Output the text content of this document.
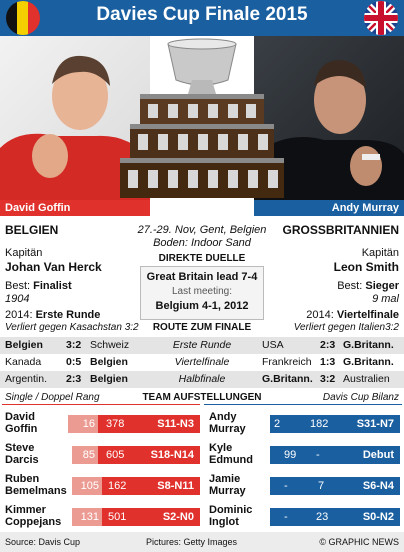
Davies Cup Finale 2015
David Goffin	Andy Murray
BELGIEN
Kapitän
Johan Van Herck
Best: Finalist
1904
2014: Erste Runde
Verliert gegen Kasachstan 3:2
GROSSBRITANNIEN
Kapitän
Leon Smith
Best: Sieger
9 mal
2014: Viertelfinale
Verliert gegen Italien3:2
27.-29. Nov, Gent, Belgien
Boden: Indoor Sand
DIREKTE DUELLE
Great Britain lead 7-4
Last meeting:
Belgium 4-1, 2012
ROUTE ZUM FINALE
Belgien 3:2 Schweiz	Erste Runde	USA	2:3 G.Britann.
Kanada 0:5 Belgien	Viertelfinale	Frankreich 1:3 G.Britann.
Argentin. 2:3 Belgien	Halbfinale	G.Britann. 3:2 Australien
Single / Doppel Rang	TEAM AUFSTELLUNGEN	Davis Cup Bilanz
David
Goffin	16 378	S11-N3
Steve
Darcis	85 605 S18-N14
Ruben
Bemelmans	105 162	S8-N11
Kimmer
Coppejans	131 501	S2-N0
Andy
Murray	2	182	S31-N7
Kyle
Edmund	99 -	Debut
Jamie
Murray	-	7	S6-N4
Dominic
Inglot	-	23	S0-N2
Source: Davis Cup	Pictures: Getty Images	© GRAPHIC NEWS
